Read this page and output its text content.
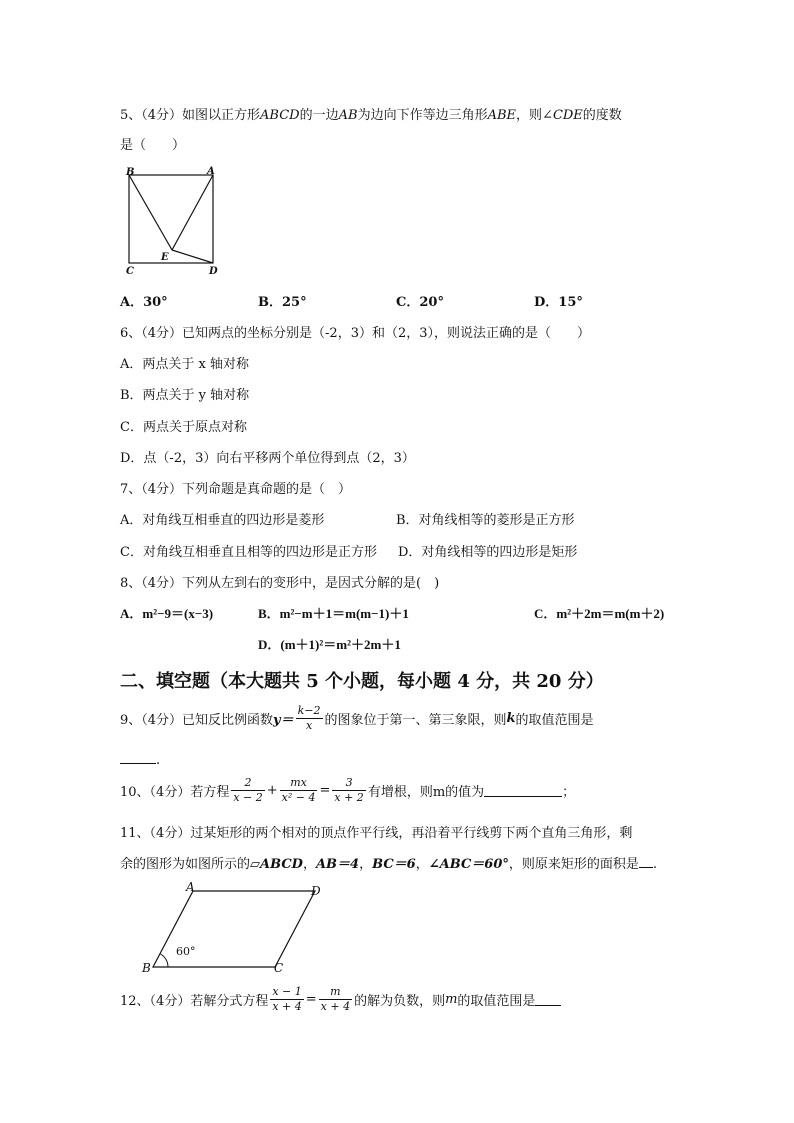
5、（4分）如图以正方形ABCD的一边AB为边向下作等边三角形ABE，则∠CDE的度数
是（　　）
B	A
C
E
D
A．30°	B．25°	C．20°	D．15°
6、（4分）已知两点的坐标分别是（-2，3）和（2，3），则说法正确的是（　　）
A．两点关于 x 轴对称
B．两点关于 y 轴对称
C．两点关于原点对称
D．点（-2，3）向右平移两个单位得到点（2，3）
7、（4分）下列命题是真命题的是（　）
A．对角线互相垂直的四边形是菱形	B．对角线相等的菱形是正方形
C．对角线互相垂直且相等的四边形是正方形 D．对角线相等的四边形是矩形
8、（4分）下列从左到右的变形中，是因式分解的是(　)
A．m²−9＝(x−3)	B．m²−m＋1＝m(m−1)＋1	C．m²＋2m＝m(m＋2)
D．(m＋1)²＝m²＋2m＋1
二、填空题（本大题共 5 个小题，每小题 4 分，共 20 分）
9、（4分）已知反比例函数$y= \frac{k-2}{x}$ 的图象位于第一、第三象限，则k的取值范围是
.
10、（4分）若方程 $\frac{2}{x - 2} + \frac{mx}{\text{x² − 4}} = \frac{3}{x + 2}$ 有增根，则m的值为	；
11、（4分）过某矩形的两个相对的顶点作平行线，再沿着平行线剪下两个直角三角形，剩
余的图形为如图所示的▱ABCD，AB＝4，BC＝6，∠ABC＝60°，则原来矩形的面积是 .
A	D
B	C
60°
12、（4分）若解分式方程 $\frac{x - 1}{x + 4} = \frac{m}{x + 4}$ 的解为负数，则m的取值范围是
